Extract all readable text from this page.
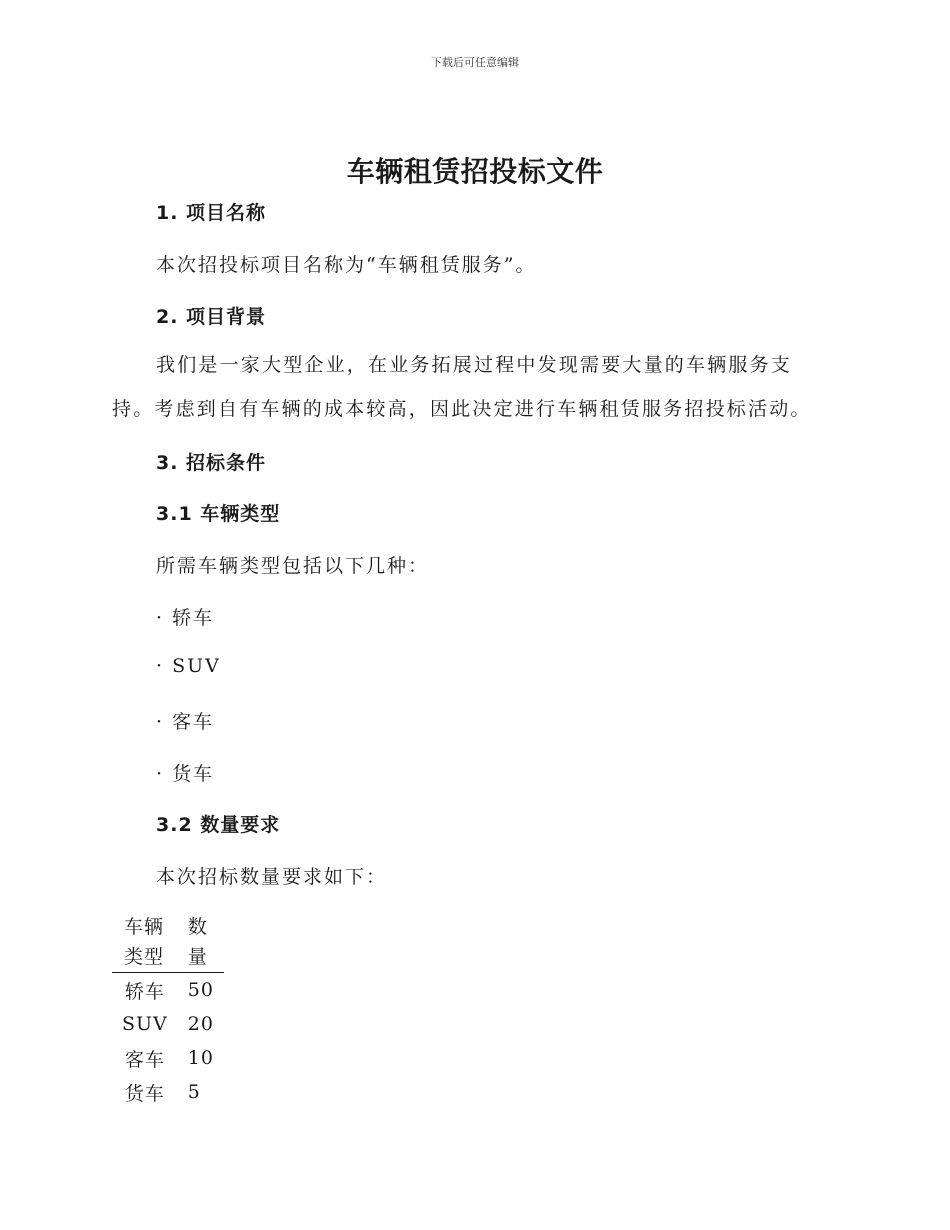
下载后可任意编辑
车辆租赁招投标文件
1. 项目名称
本次招投标项目名称为“车辆租赁服务”。
2. 项目背景
我们是一家大型企业，在业务拓展过程中发现需要大量的车辆服务支持。考虑到自有车辆的成本较高，因此决定进行车辆租赁服务招投标活动。
3. 招标条件
3.1 车辆类型
所需车辆类型包括以下几种：
· 轿车
· SUV
· 客车
· 货车
3.2 数量要求
本次招标数量要求如下：
车辆类型	数量

轿车	50
SUV	20
客车	10
货车	5
